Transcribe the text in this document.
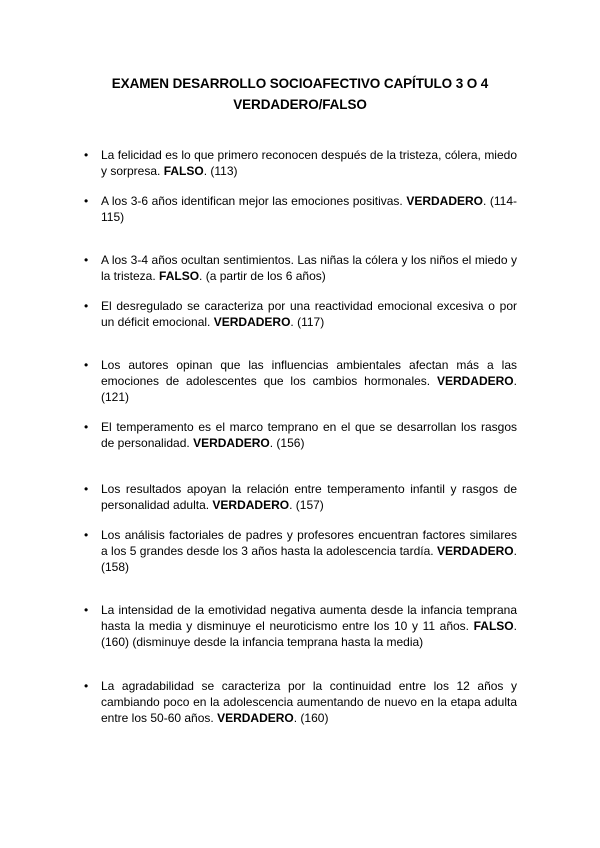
EXAMEN DESARROLLO SOCIOAFECTIVO CAPÍTULO 3 O 4
VERDADERO/FALSO
• La felicidad es lo que primero reconocen después de la tristeza, cólera, miedo y sorpresa. FALSO. (113)
• A los 3-6 años identifican mejor las emociones positivas. VERDADERO. (114-115)
• A los 3-4 años ocultan sentimientos. Las niñas la cólera y los niños el miedo y la tristeza. FALSO. (a partir de los 6 años)
• El desregulado se caracteriza por una reactividad emocional excesiva o por un déficit emocional. VERDADERO. (117)
• Los autores opinan que las influencias ambientales afectan más a las emociones de adolescentes que los cambios hormonales. VERDADERO. (121)
• El temperamento es el marco temprano en el que se desarrollan los rasgos de personalidad. VERDADERO. (156)
• Los resultados apoyan la relación entre temperamento infantil y rasgos de personalidad adulta. VERDADERO. (157)
• Los análisis factoriales de padres y profesores encuentran factores similares a los 5 grandes desde los 3 años hasta la adolescencia tardía. VERDADERO. (158)
• La intensidad de la emotividad negativa aumenta desde la infancia temprana hasta la media y disminuye el neuroticismo entre los 10 y 11 años. FALSO. (160) (disminuye desde la infancia temprana hasta la media)
• La agradabilidad se caracteriza por la continuidad entre los 12 años y cambiando poco en la adolescencia aumentando de nuevo en la etapa adulta entre los 50-60 años. VERDADERO. (160)
